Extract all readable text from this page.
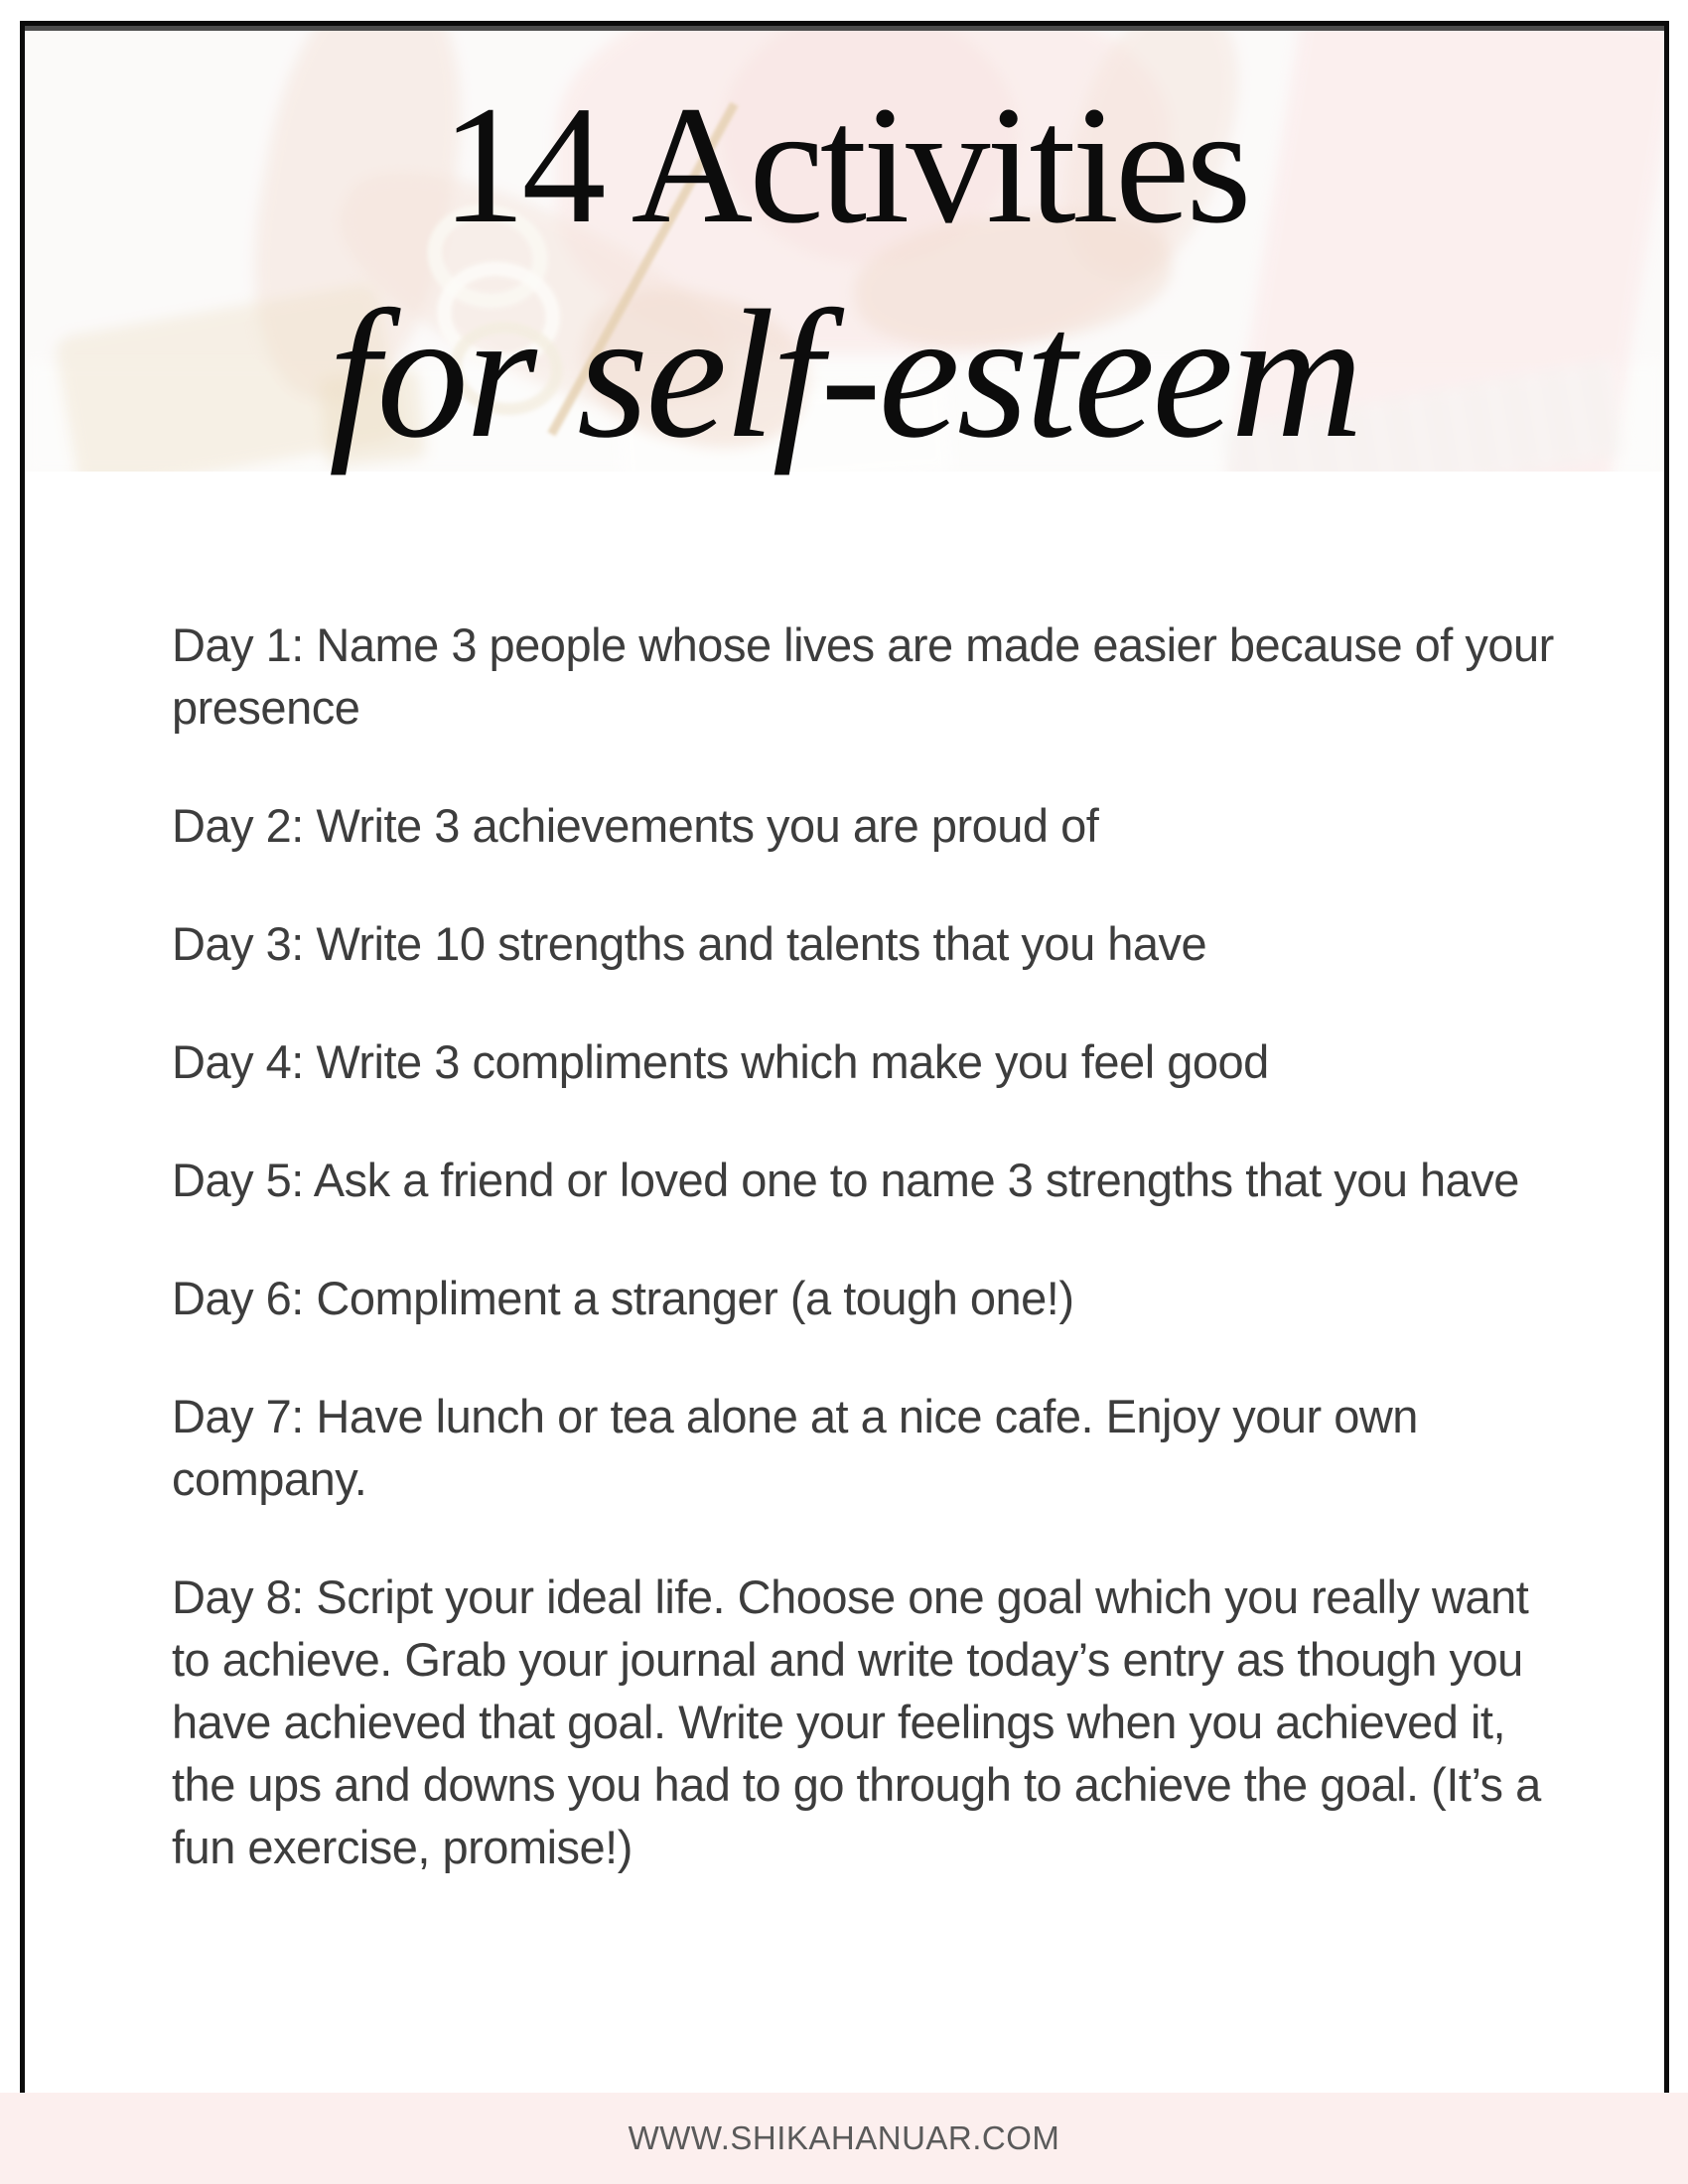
14 Activities
for self-esteem

Day 1: Name 3 people whose lives are made easier because of your
presence

Day 2: Write 3 achievements you are proud of

Day 3: Write 10 strengths and talents that you have

Day 4: Write 3 compliments which make you feel good

Day 5: Ask a friend or loved one to name 3 strengths that you have

Day 6: Compliment a stranger (a tough one!)

Day 7: Have lunch or tea alone at a nice cafe. Enjoy your own
company.

Day 8: Script your ideal life. Choose one goal which you really want
to achieve. Grab your journal and write today’s entry as though you
have achieved that goal. Write your feelings when you achieved it,
the ups and downs you had to go through to achieve the goal. (It’s a
fun exercise, promise!)

WWW.SHIKAHANUAR.COM
